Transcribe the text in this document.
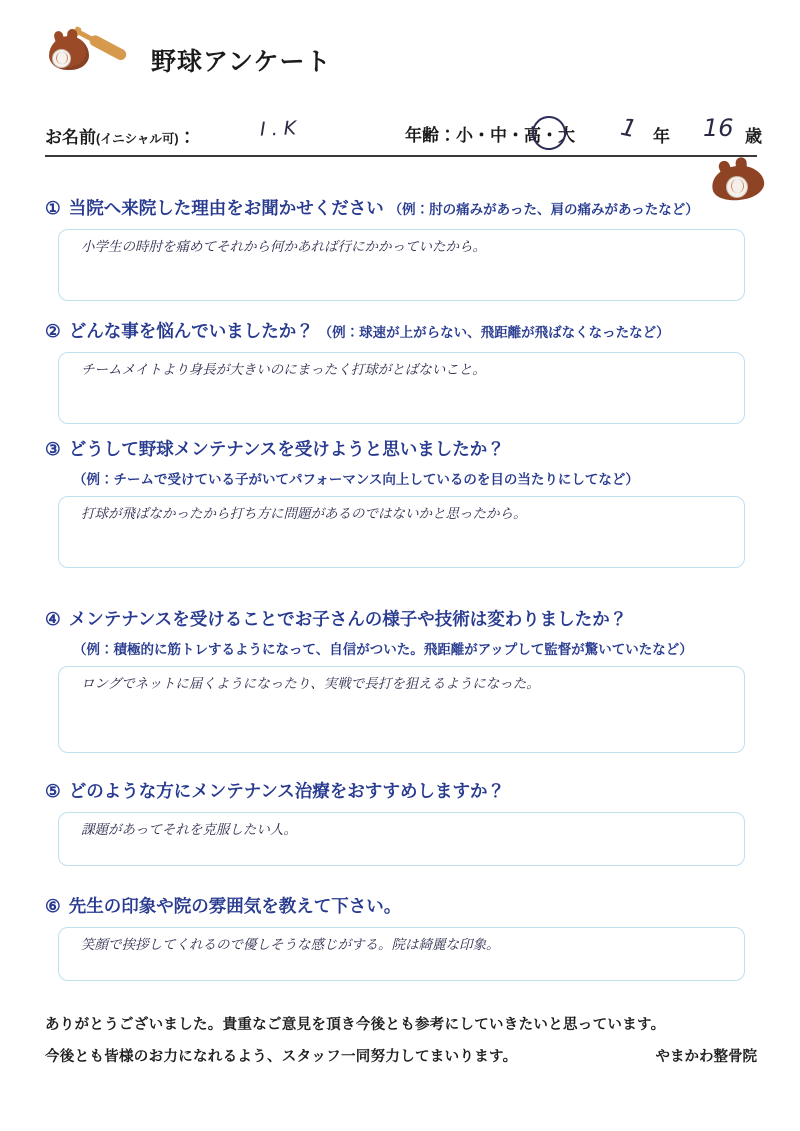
野球アンケート
お名前(イニシャル可)：	I . K	年齢：小・中・高・大 1 年 16 歳
① 当院へ来院した理由をお聞かせください （例：肘の痛みがあった、肩の痛みがあったなど）
小学生の時肘を痛めてそれから何かあれば行にかかっていたから。
② どんな事を悩んでいましたか？ （例：球速が上がらない、飛距離が飛ばなくなったなど）
チームメイトより身長が大きいのにまったく打球がとばないこと。
③ どうして野球メンテナンスを受けようと思いましたか？
（例：チームで受けている子がいてパフォーマンス向上しているのを目の当たりにしてなど）
打球が飛ばなかったから打ち方に問題があるのではないかと思ったから。
④ メンテナンスを受けることでお子さんの様子や技術は変わりましたか？
（例：積極的に筋トレするようになって、自信がついた。飛距離がアップして監督が驚いていたなど）
ロングでネットに届くようになったり、実戦で長打を狙えるようになった。
⑤ どのような方にメンテナンス治療をおすすめしますか？
課題があってそれを克服したい人。
⑥ 先生の印象や院の雰囲気を教えて下さい。
笑顔で挨拶してくれるので優しそうな感じがする。院は綺麗な印象。
ありがとうございました。貴重なご意見を頂き今後とも参考にしていきたいと思っています。
今後とも皆様のお力になれるよう、スタッフ一同努力してまいります。	やまかわ整骨院
